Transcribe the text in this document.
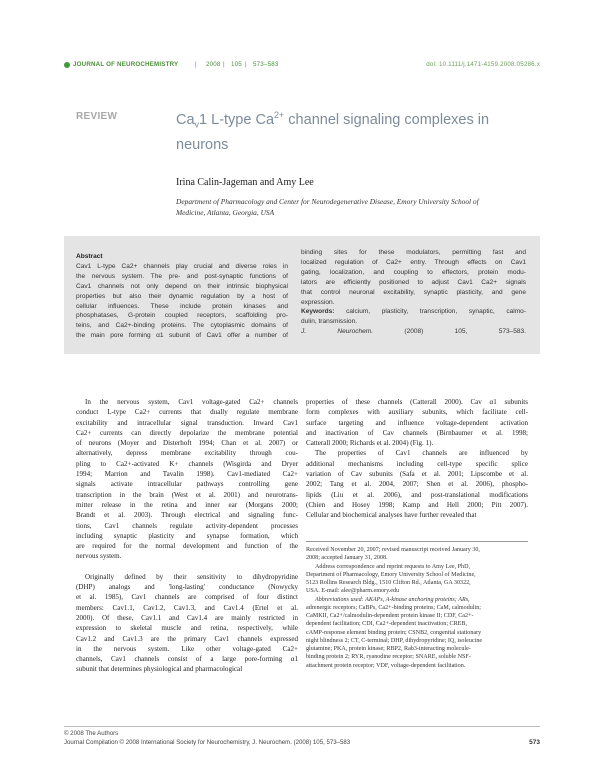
JOURNAL OF NEUROCHEMISTRY	| 2008 | 105 | 573–583	doi: 10.1111/j.1471-4159.2008.05286.x
REVIEW	$Ca_v1$ L-type $Ca^{2+}$ channel signaling complexes in
neurons
Irina Calin-Jageman and Amy Lee
Department of Pharmacology and Center for Neurodegenerative Disease, Emory University School of
Medicine, Atlanta, Georgia, USA
Abstract
Cav1 L-type Ca2+ channels play crucial and diverse roles in
the nervous system. The pre- and post-synaptic functions of
Cav1 channels not only depend on their intrinsic biophysical
properties but also their dynamic regulation by a host of
cellular influences. These include protein kinases and
phosphatases, G-protein coupled receptors, scaffolding pro-
teins, and Ca2+-binding proteins. The cytoplasmic domains of
the main pore forming α1 subunit of Cav1 offer a number of
binding sites for these modulators, permitting fast and
localized regulation of Ca2+ entry. Through effects on Cav1
gating, localization, and coupling to effectors, protein modu-
lators are efficiently positioned to adjust Cav1 Ca2+ signals
that control neuronal excitability, synaptic plasticity, and gene
expression.
Keywords: calcium, plasticity, transcription, synaptic, calmo-
dulin, transmission.
J. Neurochem. (2008) 105, 573–583.
In the nervous system, Cav1 voltage-gated Ca2+ channels
conduct L-type Ca2+ currents that dually regulate membrane
excitability and intracellular signal transduction. Inward Cav1
Ca2+ currents can directly depolarize the membrane potential
of neurons (Moyer and Disterhoft 1994; Chan et al. 2007) or
alternatively, depress membrane excitability through cou-
pling to Ca2+-activated K+ channels (Wisgirda and Dryer
1994; Marrion and Tavalin 1998). Cav1-mediated Ca2+
signals activate intracellular pathways controlling gene
transcription in the brain (West et al. 2001) and neurotrans-
mitter release in the retina and inner ear (Morgans 2000;
Brandt et al. 2003). Through electrical and signaling func-
tions, Cav1 channels regulate activity-dependent processes
including synaptic plasticity and synapse formation, which
are required for the normal development and function of the
nervous system.
Originally defined by their sensitivity to dihydropyridine
(DHP) analogs and 'long-lasting' conductance (Nowycky
et al. 1985), Cav1 channels are comprised of four distinct
members: Cav1.1, Cav1.2, Cav1.3, and Cav1.4 (Ertel et al.
2000). Of these, Cav1.1 and Cav1.4 are mainly restricted in
expression to skeletal muscle and retina, respectively, while
Cav1.2 and Cav1.3 are the primary Cav1 channels expressed
in the nervous system. Like other voltage-gated Ca2+
channels, Cav1 channels consist of a large pore-forming α1
subunit that determines physiological and pharmacological
properties of these channels (Catterall 2000). Cav α1 subunits
form complexes with auxiliary subunits, which facilitate cell-
surface targeting and influence voltage-dependent activation
and inactivation of Cav channels (Birnbaumer et al. 1998;
Catterall 2000; Richards et al. 2004) (Fig. 1).
The properties of Cav1 channels are influenced by
additional mechanisms including cell-type specific splice
variation of Cav subunits (Safa et al. 2001; Lipscombe et al.
2002; Tang et al. 2004, 2007; Shen et al. 2006), phospho-
lipids (Liu et al. 2006), and post-translational modifications
(Chien and Hosey 1998; Kamp and Hell 2000; Pitt 2007).
Cellular and biochemical analyses have further revealed that
Received November 20, 2007; revised manuscript received January 30,
2008; accepted January 31, 2008.
Address correspondence and reprint requests to Amy Lee, PhD,
Department of Pharmacology, Emory University School of Medicine,
5123 Rollins Research Bldg., 1510 Clifton Rd., Atlanta, GA 30322,
USA. E-mail: alee@pharm.emory.edu
Abbreviations used: AKAPs, A-kinase anchoring proteins; ARs,
adrenergic receptors; CaBPs, Ca2+-binding proteins; CaM, calmodulin;
CaMKII, Ca2+/calmodulin-dependent protein kinase II; CDF, Ca2+-
dependent facilitation; CDI, Ca2+-dependent inactivation; CREB,
cAMP-response element binding protein; CSNB2, congenital stationary
night blindness 2; CT, C-terminal; DHP, dihydropyridine; IQ, isoleucine
glutamine; PKA, protein kinase; RBP2, Rab3-interacting molecule-
binding protein 2; RYR, ryanodine receptor; SNARE, soluble NSF-
attachment protein receptor; VDF, voltage-dependent facilitation.
© 2008 The Authors
Journal Compilation © 2008 International Society for Neurochemistry, J. Neurochem. (2008) 105, 573–583	573
